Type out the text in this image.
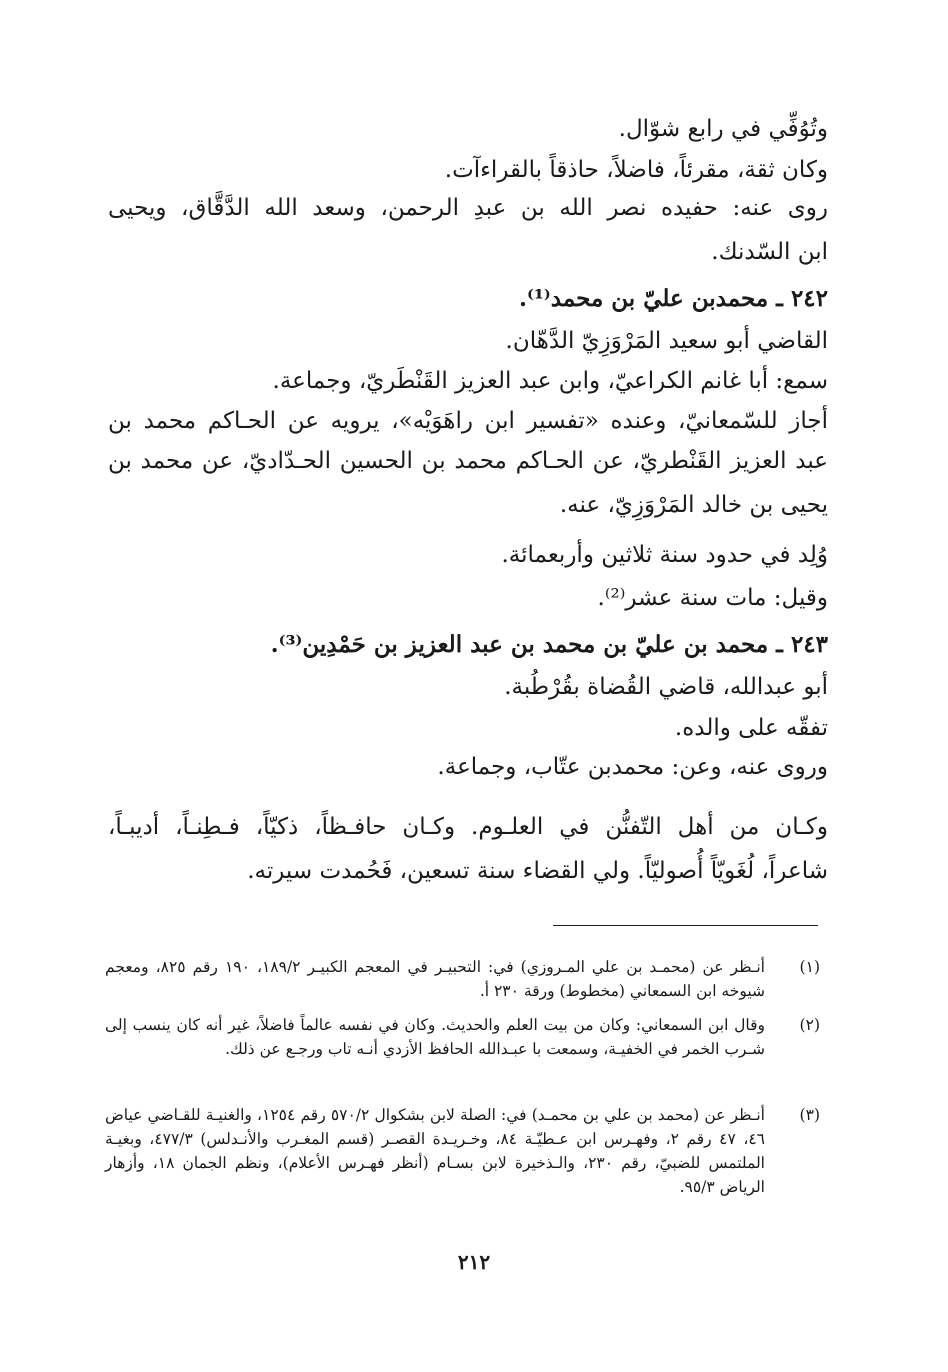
وتُوُفِّي في رابع شوّال.
وكان ثقة، مقرئاً، فاضلاً، حاذقاً بالقراءآت.
روى عنه: حفيده نصر الله بن عبدِ الرحمن، وسعد الله الدَّقَّاق، ويحيى
ابن السّدنك.
٢٤٢ ـ محمدبن عليّ بن محمد⁽¹⁾.
القاضي أبو سعيد المَرْوَزِيّ الدَّهّان.
سمع: أبا غانم الكراعيّ، وابن عبد العزيز القَنْطَريّ، وجماعة.
أجاز للسّمعانيّ، وعنده «تفسير ابن راهَوَيْه»، يرويه عن الحـاكم محمد بن
عبد العزيز القَنْطريّ، عن الحـاكم محمد بن الحسين الحـدّاديّ، عن محمد بن
يحيى بن خالد المَرْوَزِيّ، عنه.
وُلِد في حدود سنة ثلاثين وأربعمائة.
وقيل: مات سنة عشر⁽²⁾.
٢٤٣ ـ محمد بن عليّ بن محمد بن عبد العزيز بن حَمْدِين⁽³⁾.
أبو عبدالله، قاضي القُضاة بقُرْطُبة.
تفقّه على والده.
وروى عنه، وعن: محمدبن عتّاب، وجماعة.
وكـان من أهل التّفنُّن في العلـوم. وكـان حافـظاً، ذكيّاً، فـطِنـاً، أديبـاً،
شاعراً، لُغَويّاً أُصوليّاً. ولي القضاء سنة تسعين، فَحُمدت سيرته.
(١)
أنـظر عن (محمـد بن علي المـروزي) في: التحبيـر في المعجم الكبيـر ١٨٩/٢، ١٩٠ رقم ٨٢٥، ومعجم شيوخه ابن السمعاني (مخطوط) ورقة ٢٣٠ أ.
(٢)
وقال ابن السمعاني: وكان من بيت العلم والحديث. وكان في نفسه عالماً فاضلاً، غير أنه كان ينسب إلى شـرب الخمر في الخفيـة، وسمعت با عبـدالله الحافظ الأزدي أنـه تاب ورجـع عن ذلك.
(٣)
أنـظر عن (محمد بن علي بن محمـد) في: الصلة لابن بشكوال ٥٧٠/٢ رقم ١٢٥٤، والغنيـة للقـاضي عياض ٤٦، ٤٧ رقم ٢، وفهـرس ابن عـطيّـة ٨٤، وخـريـدة القصـر (قسم المغـرب والأنـدلس) ٤٧٧/٣، وبغيـة الملتمس للضبيّ، رقم ٢٣٠، والـذخيرة لابن بسـام (أنظر فهـرس الأعلام)، ونظم الجمان ١٨، وأزهار الرياض ٩٥/٣.
٢١٢
